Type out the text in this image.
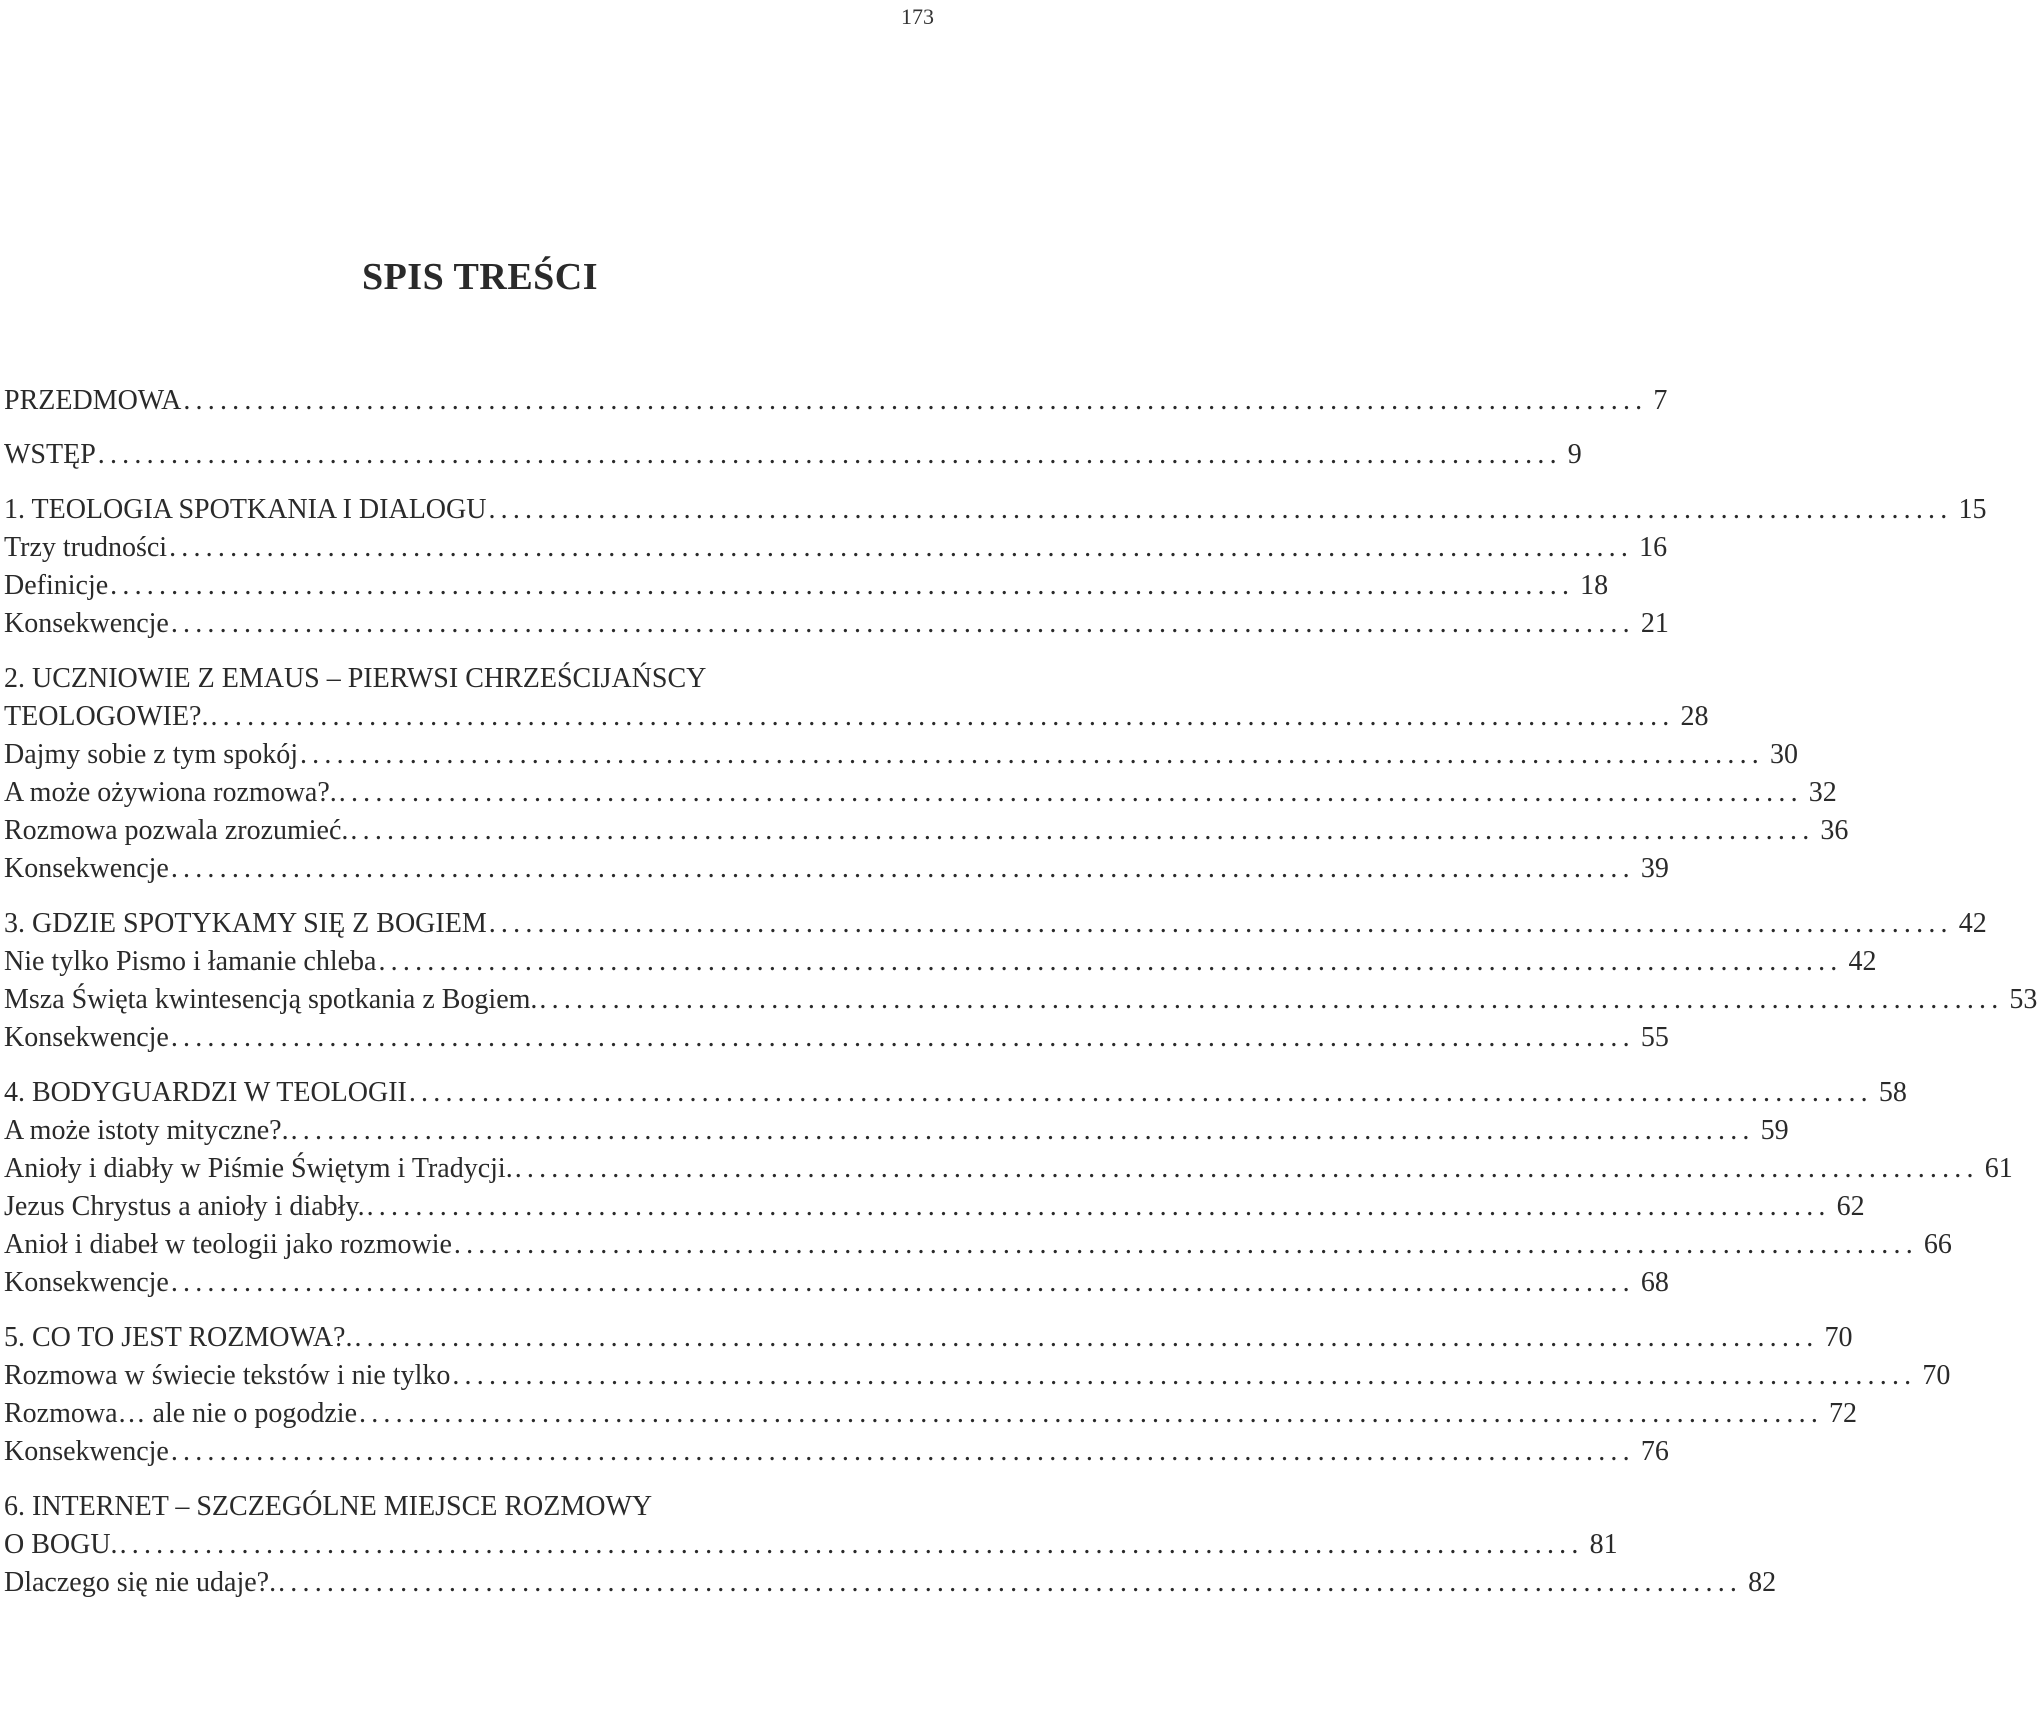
173
SPIS TREŚCI
PRZEDMOWA ........................................................................................................................ 7
WSTĘP ........................................................................................................................ 9
1. TEOLOGIA SPOTKANIA I DIALOGU ........................................................................................................................ 15
Trzy trudności ........................................................................................................................ 16
Definicje ........................................................................................................................ 18
Konsekwencje ........................................................................................................................ 21
2. UCZNIOWIE Z EMAUS – PIERWSI CHRZEŚCIJAŃSCY
TEOLOGOWIE?. ........................................................................................................................ 28
Dajmy sobie z tym spokój ........................................................................................................................ 30
A może ożywiona rozmowa?. ........................................................................................................................ 32
Rozmowa pozwala zrozumieć. ........................................................................................................................ 36
Konsekwencje ........................................................................................................................ 39
3. GDZIE SPOTYKAMY SIĘ Z BOGIEM ........................................................................................................................ 42
Nie tylko Pismo i łamanie chleba ........................................................................................................................ 42
Msza Święta kwintesencją spotkania z Bogiem. ........................................................................................................................ 53
Konsekwencje ........................................................................................................................ 55
4. BODYGUARDZI W TEOLOGII ........................................................................................................................ 58
A może istoty mityczne?. ........................................................................................................................ 59
Anioły i diabły w Piśmie Świętym i Tradycji. ........................................................................................................................ 61
Jezus Chrystus a anioły i diabły. ........................................................................................................................ 62
Anioł i diabeł w teologii jako rozmowie ........................................................................................................................ 66
Konsekwencje ........................................................................................................................ 68
5. CO TO JEST ROZMOWA?. ........................................................................................................................ 70
Rozmowa w świecie tekstów i nie tylko ........................................................................................................................ 70
Rozmowa… ale nie o pogodzie ........................................................................................................................ 72
Konsekwencje ........................................................................................................................ 76
6. INTERNET – SZCZEGÓLNE MIEJSCE ROZMOWY
O BOGU. ........................................................................................................................ 81
Dlaczego się nie udaje?. ........................................................................................................................ 82
